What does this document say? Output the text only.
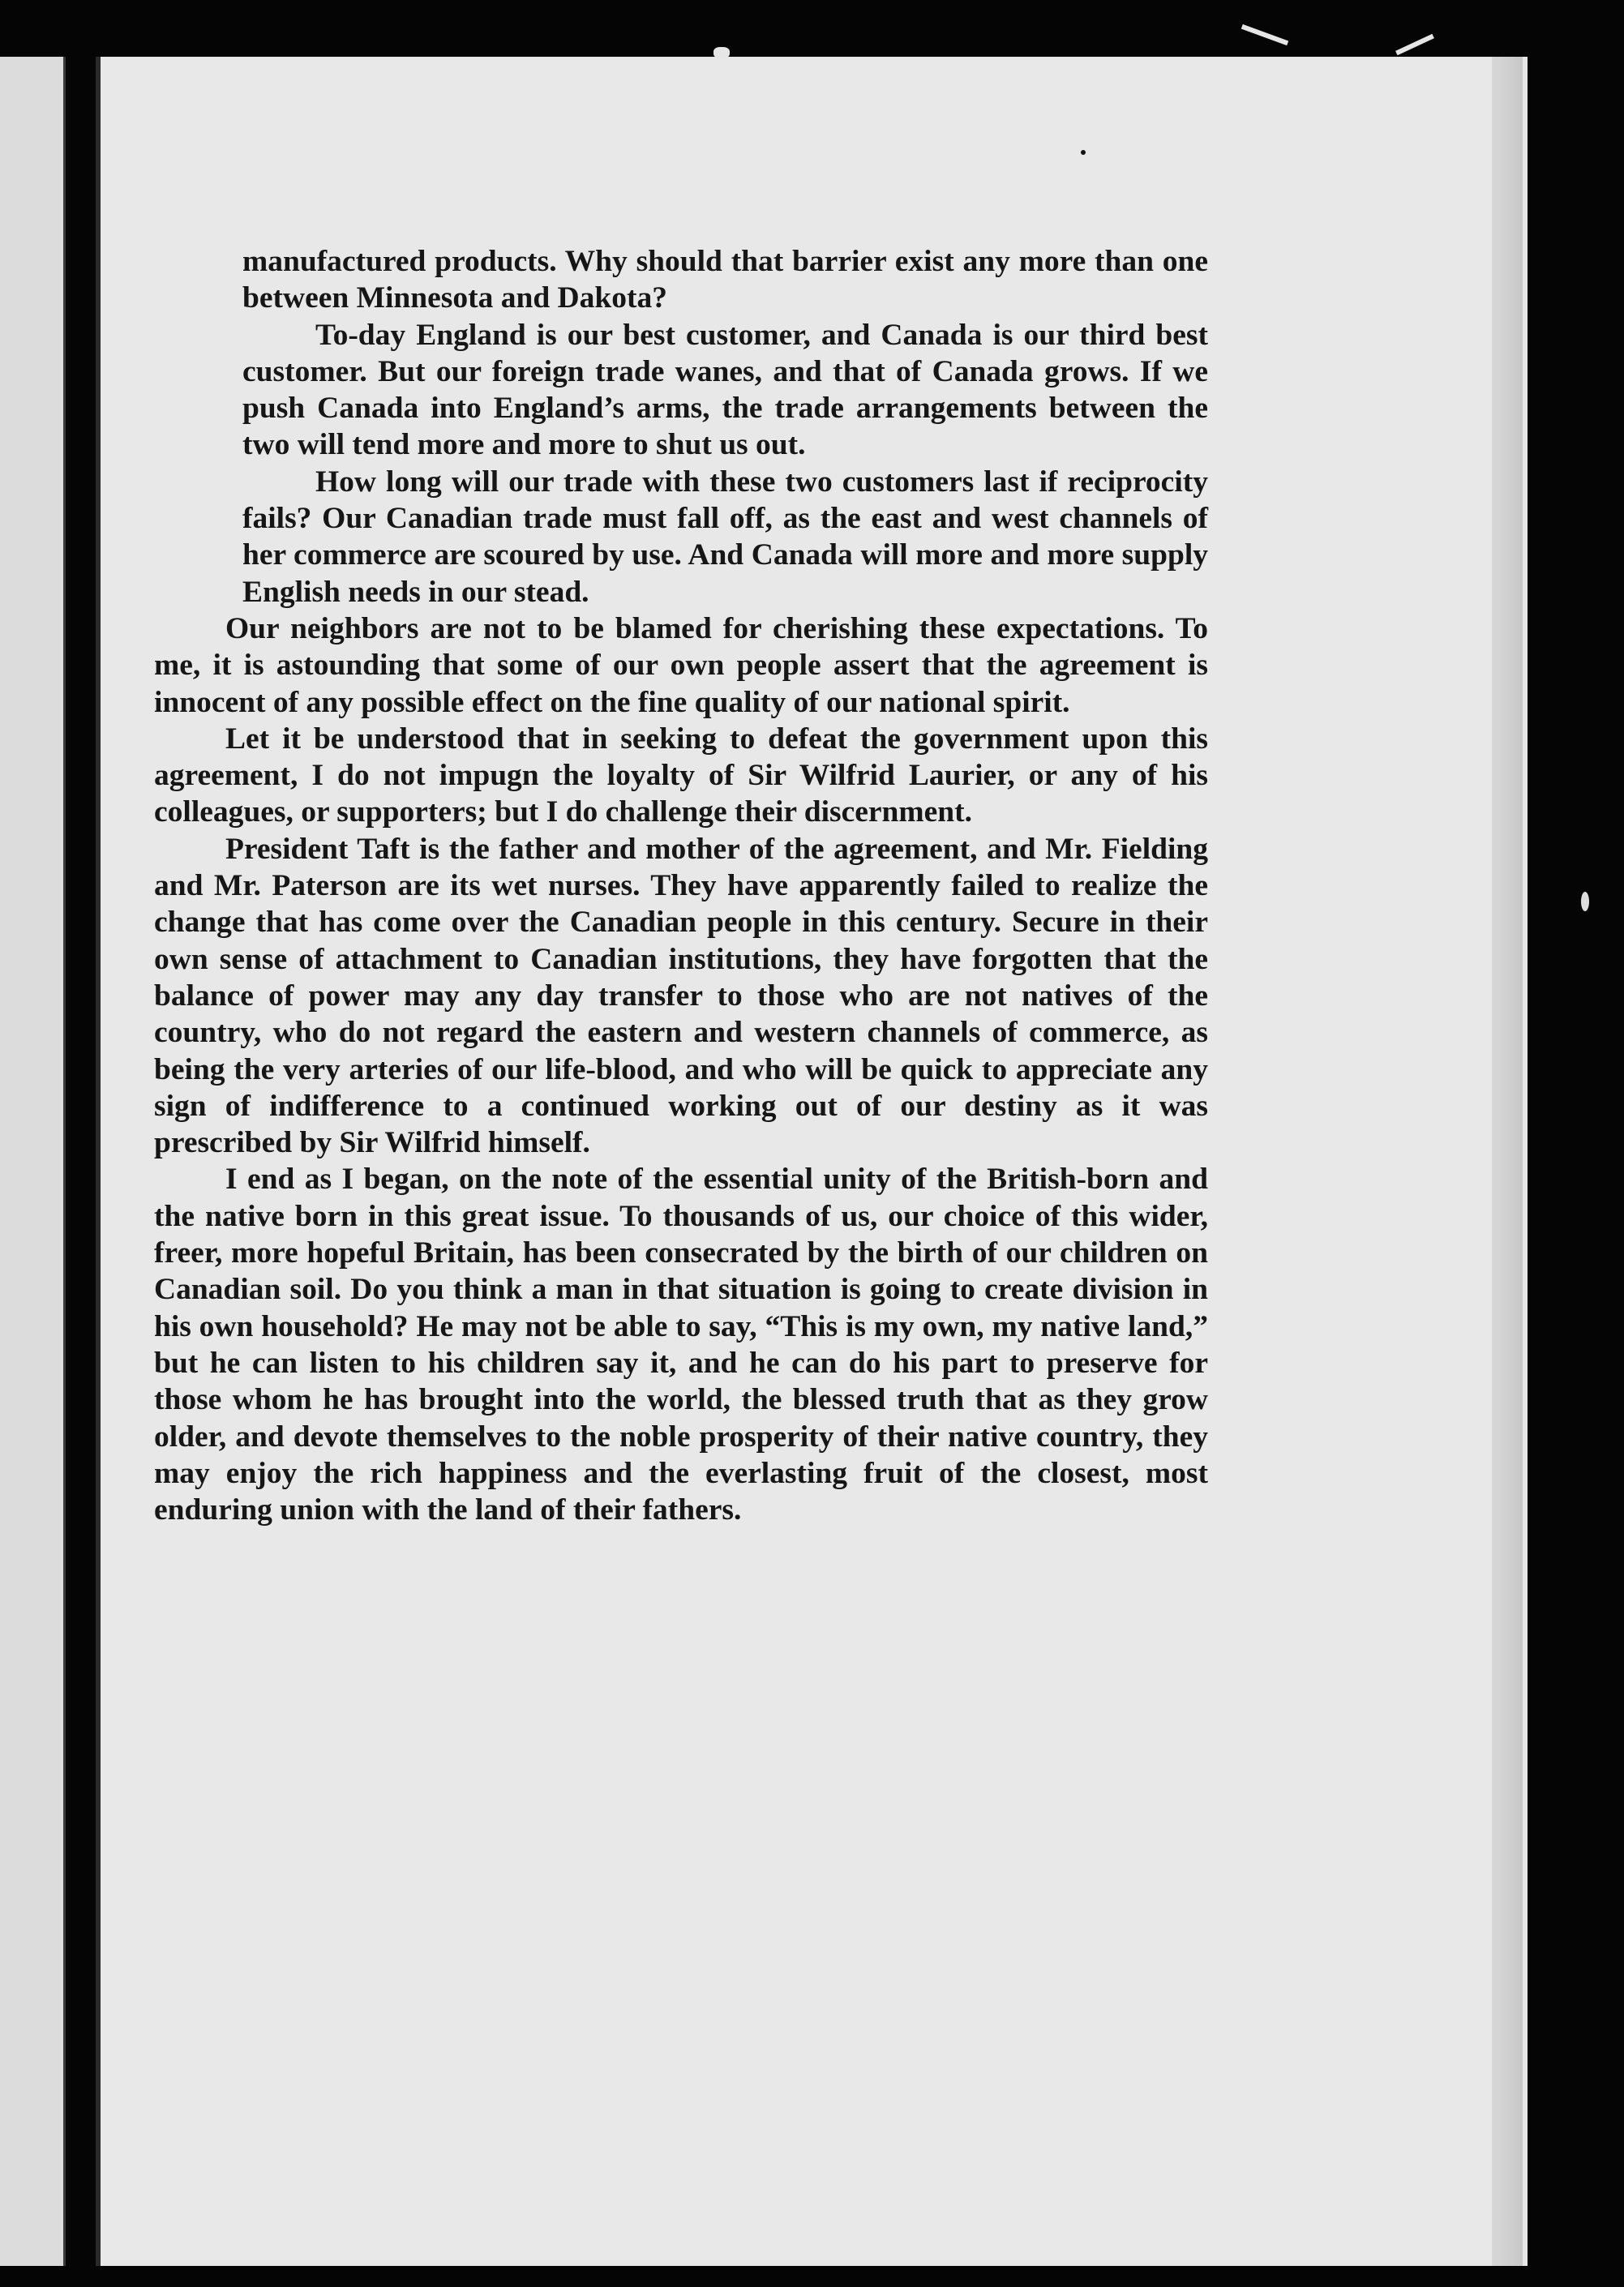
manufactured products. Why should that barrier exist any more than one between Minnesota and Dakota?

To-day England is our best customer, and Canada is our third best customer. But our foreign trade wanes, and that of Canada grows. If we push Canada into England’s arms, the trade arrangements between the two will tend more and more to shut us out.

How long will our trade with these two customers last if reciprocity fails? Our Canadian trade must fall off, as the east and west channels of her commerce are scoured by use. And Canada will more and more supply English needs in our stead.

Our neighbors are not to be blamed for cherishing these expectations. To me, it is astounding that some of our own people assert that the agreement is innocent of any possible effect on the fine quality of our national spirit.

Let it be understood that in seeking to defeat the government upon this agreement, I do not impugn the loyalty of Sir Wilfrid Laurier, or any of his colleagues, or supporters; but I do challenge their discernment.

President Taft is the father and mother of the agreement, and Mr. Fielding and Mr. Paterson are its wet nurses. They have apparently failed to realize the change that has come over the Canadian people in this century. Secure in their own sense of attachment to Canadian institutions, they have forgotten that the balance of power may any day transfer to those who are not natives of the country, who do not regard the eastern and western channels of commerce, as being the very arteries of our life-blood, and who will be quick to appreciate any sign of indifference to a continued working out of our destiny as it was prescribed by Sir Wilfrid himself.

I end as I began, on the note of the essential unity of the British-born and the native born in this great issue. To thousands of us, our choice of this wider, freer, more hopeful Britain, has been consecrated by the birth of our children on Canadian soil. Do you think a man in that situation is going to create division in his own household? He may not be able to say, “This is my own, my native land,” but he can listen to his children say it, and he can do his part to preserve for those whom he has brought into the world, the blessed truth that as they grow older, and devote themselves to the noble prosperity of their native country, they may enjoy the rich happiness and the everlasting fruit of the closest, most enduring union with the land of their fathers.
